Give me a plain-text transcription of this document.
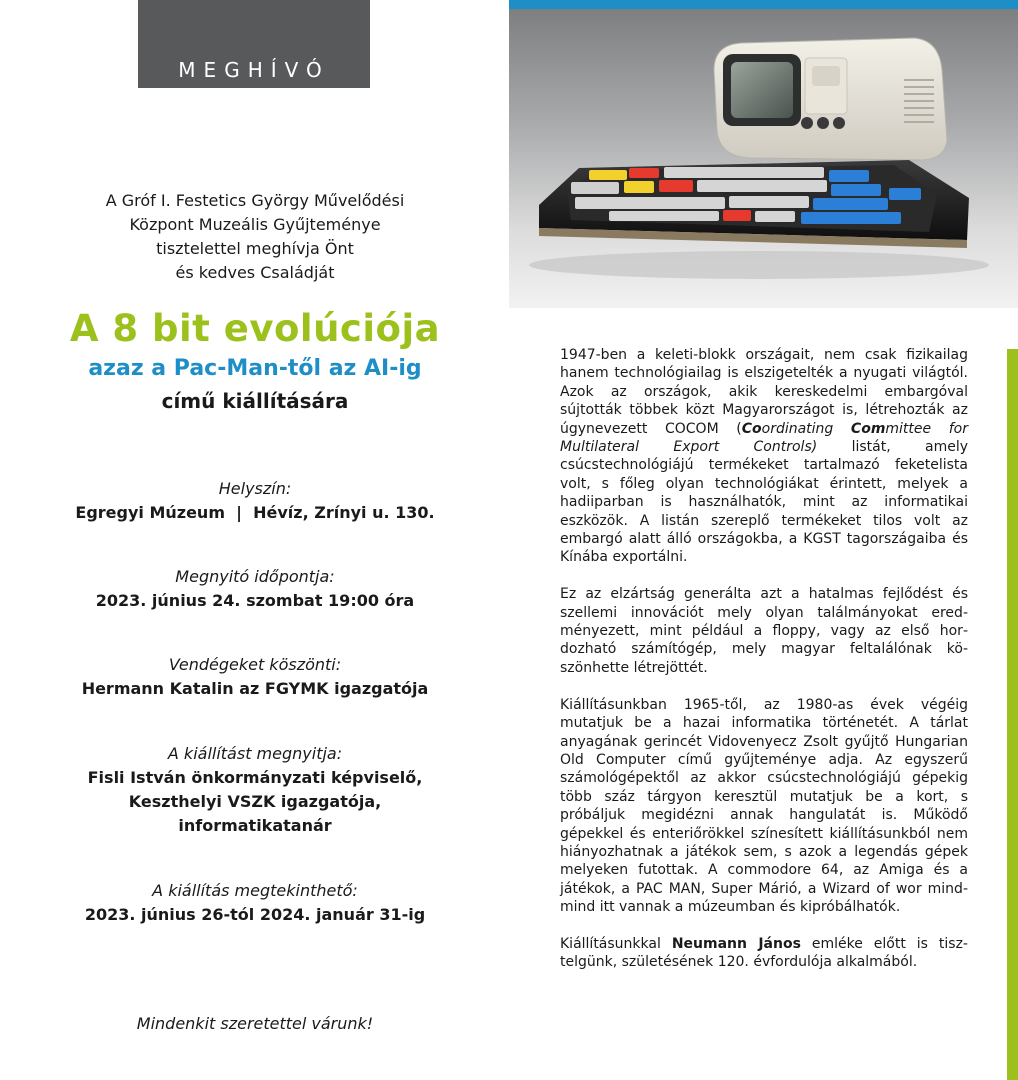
MEGHÍVÓ
A Gróf I. Festetics György Művelődési
Központ Muzeális Gyűjteménye
tisztelettel meghívja Önt
és kedves Családját
A 8 bit evolúciója
azaz a Pac-Man-től az AI-ig
című kiállítására
Helyszín:
Egregyi Múzeum  |  Hévíz, Zrínyi u. 130.
Megnyitó időpontja:
2023. június 24. szombat 19:00 óra
Vendégeket köszönti:
Hermann Katalin az FGYMK igazgatója
A kiállítást megnyitja:
Fisli István önkormányzati képviselő,
Keszthelyi VSZK igazgatója,
informatikatanár
A kiállítás megtekinthető:
2023. június 26-tól 2024. január 31-ig
Mindenkit szeretettel várunk!

1947-ben a keleti-blokk országait, nem csak fizikailag hanem technológiailag is elszigetelték a nyugati világtól. Azok az országok, akik kereskedelmi embargóval sújtották többek közt Magyarországot is, létrehozták az úgynevezett COCOM (Coordinating Committee for Multilateral Export Controls) listát, amely csúcstechnológiájú termékeket tartalmazó feketelista volt, s főleg olyan technológiákat érintett, melyek a hadiiparban is használhatók, mint az informatikai eszközök. A listán szereplő termékeket tilos volt az embargó alatt álló országokba, a KGST tagországaiba és Kínába exportálni.

Ez az elzártság generálta azt a hatalmas fejlődést és szellemi innovációt mely olyan találmányokat eredményezett, mint például a floppy, vagy az első hordozható számítógép, mely magyar feltalálónak köszönhette létrejöttét.

Kiállításunkban 1965-től, az 1980-as évek végéig mutatjuk be a hazai informatika történetét. A tárlat anyagának gerincét Vidovenyecz Zsolt gyűjtő Hungarian Old Computer című gyűjteménye adja. Az egyszerű számológépektől az akkor csúcstechnológiájú gépekig több száz tárgyon keresztül mutatjuk be a kort, s próbáljuk megidézni annak hangulatát is. Működő gépekkel és enteriőrökkel színesített kiállításunkból nem hiányozhatnak a játékok sem, s azok a legendás gépek melyeken futottak. A commodore 64, az Amiga és a játékok, a PAC MAN, Super Márió, a Wizard of wor mind-mind itt vannak a múzeumban és kipróbálhatók.

Kiállításunkkal Neumann János emléke előtt is tisztelgünk, születésének 120. évfordulója alkalmából.
